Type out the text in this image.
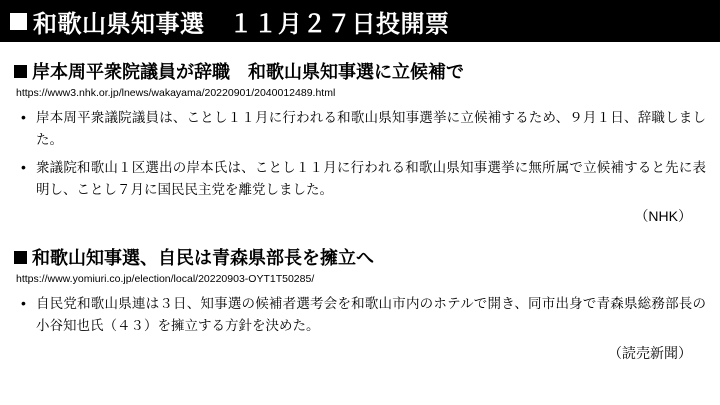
和歌山県知事選　１１月２７日投開票
岸本周平衆院議員が辞職　和歌山県知事選に立候補で
https://www3.nhk.or.jp/lnews/wakayama/20220901/2040012489.html
• 岸本周平衆議院議員は、ことし１１月に行われる和歌山県知事選挙に立候補するため、９月１日、辞職しました。
• 衆議院和歌山１区選出の岸本氏は、ことし１１月に行われる和歌山県知事選挙に無所属で立候補すると先に表明し、ことし７月に国民民主党を離党しました。
（NHK）
和歌山知事選、自民は青森県部長を擁立へ
https://www.yomiuri.co.jp/election/local/20220903-OYT1T50285/
• 自民党和歌山県連は３日、知事選の候補者選考会を和歌山市内のホテルで開き、同市出身で青森県総務部長の小谷知也氏（４３）を擁立する方針を決めた。
（読売新聞）
